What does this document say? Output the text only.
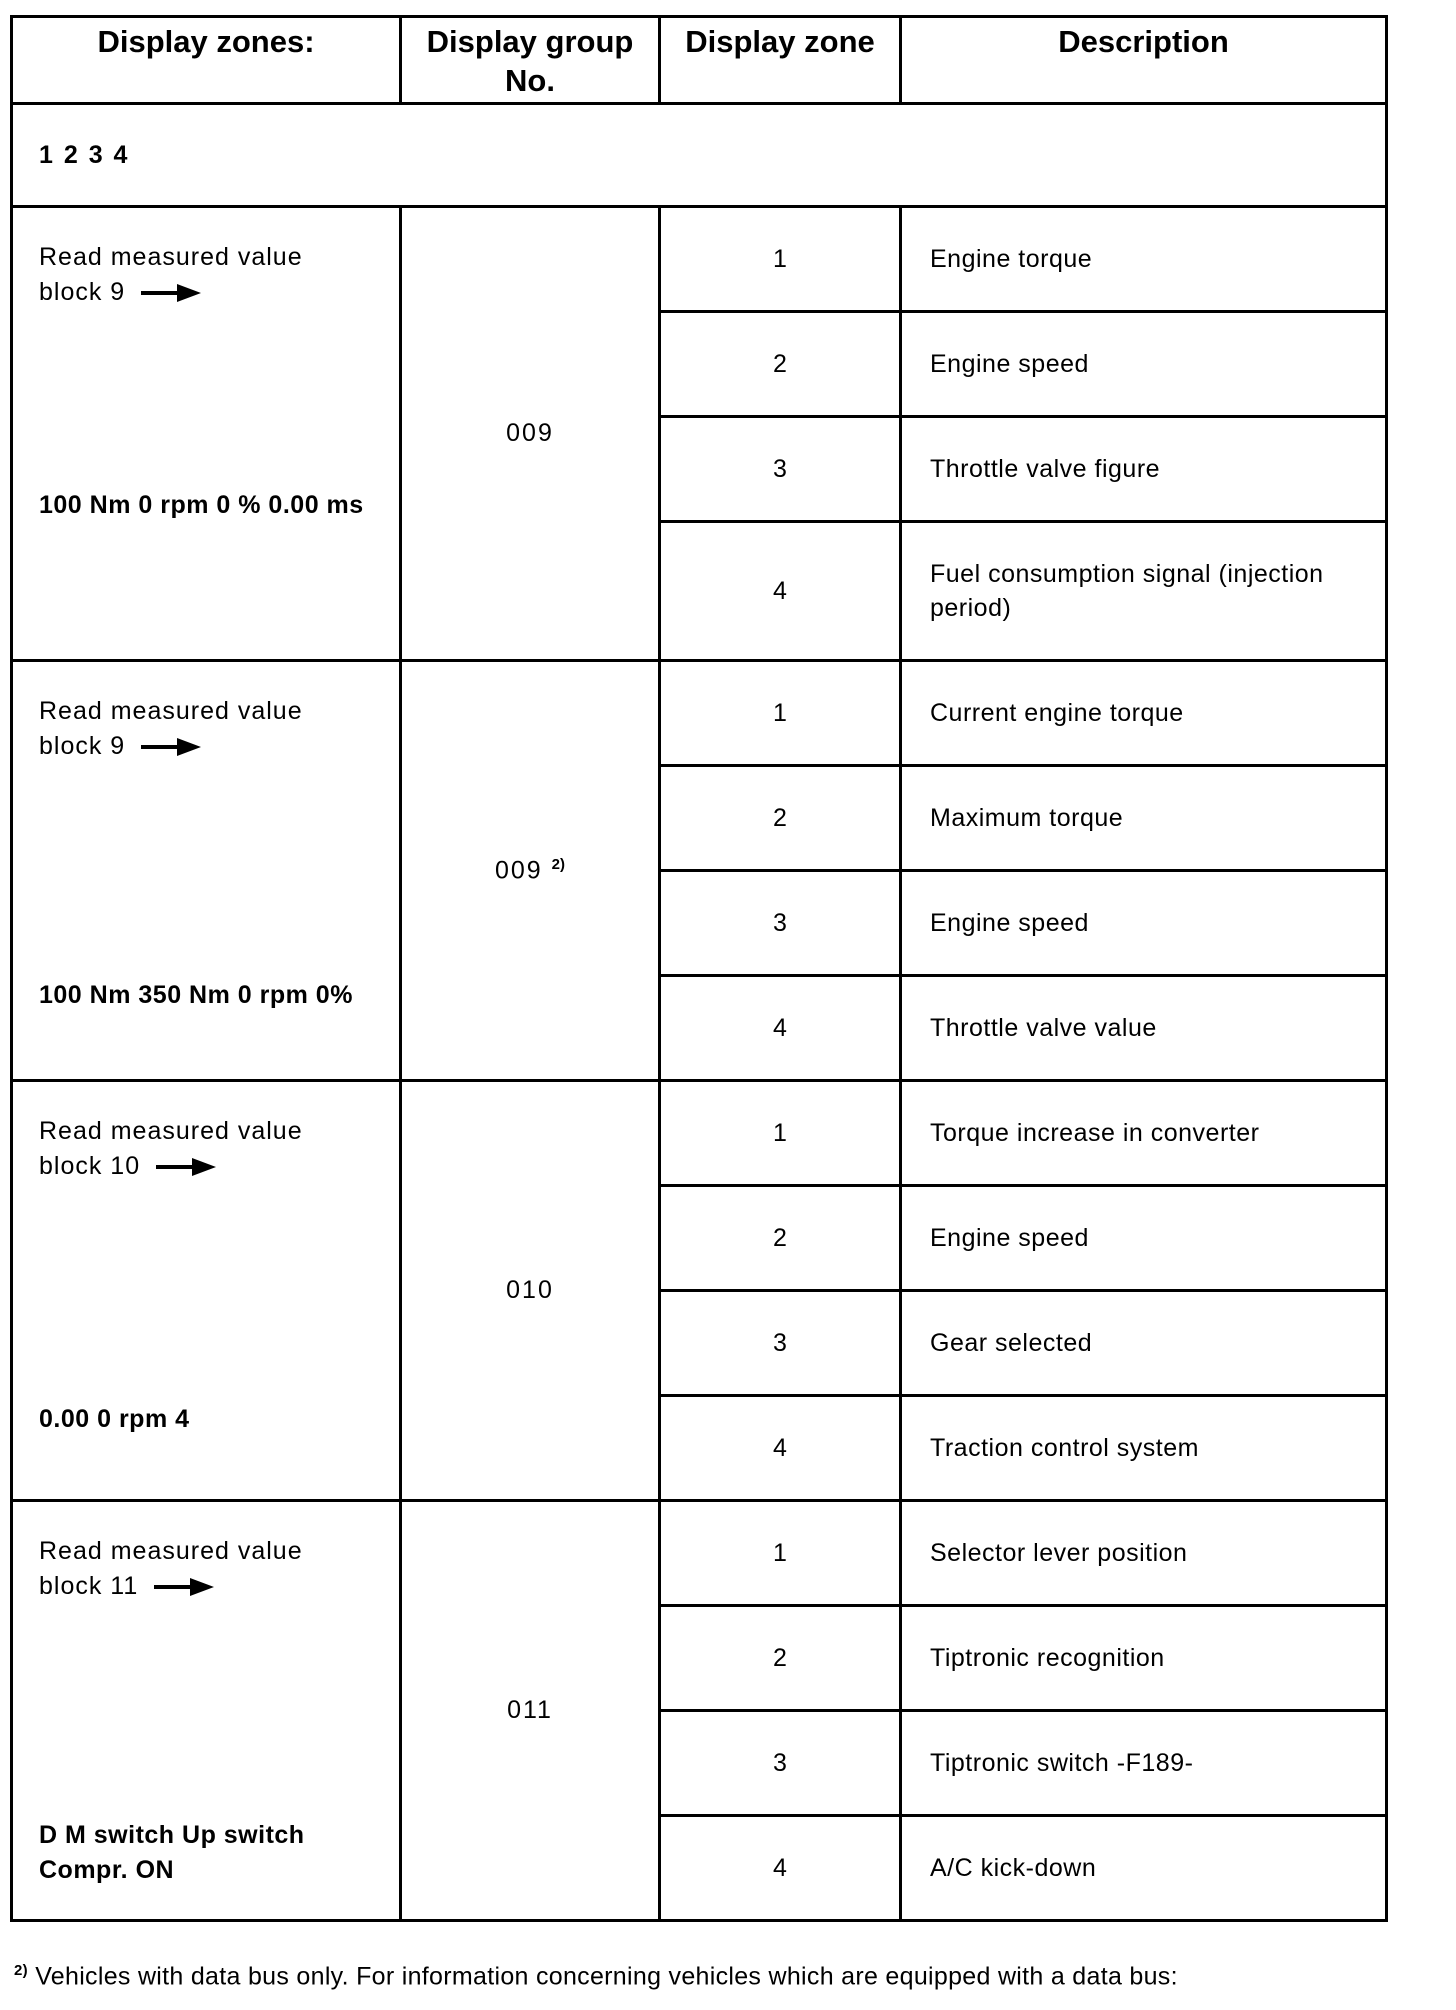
Display zones:	Display group No.	Display zone	Description
1 2 3 4			

Read measured value
block 9
100 Nm 0 rpm 0 % 0.00 ms	009	1	Engine torque
		2	Engine speed
		3	Throttle valve figure
		4	Fuel consumption signal (injection period)

Read measured value
block 9
100 Nm 350 Nm 0 rpm 0%	009 $^{2)}$	1	Current engine torque
		2	Maximum torque
		3	Engine speed
		4	Throttle valve value

Read measured value
block 10
0.00 0 rpm 4	010	1	Torque increase in converter
		2	Engine speed
		3	Gear selected
		4	Traction control system

Read measured value
block 11
D M switch Up switch Compr. ON	011	1	Selector lever position
		2	Tiptronic recognition
		3	Tiptronic switch -F189-
		4	A/C kick-down
$^{2)}$ Vehicles with data bus only. For information concerning vehicles which are equipped with a data bus:
